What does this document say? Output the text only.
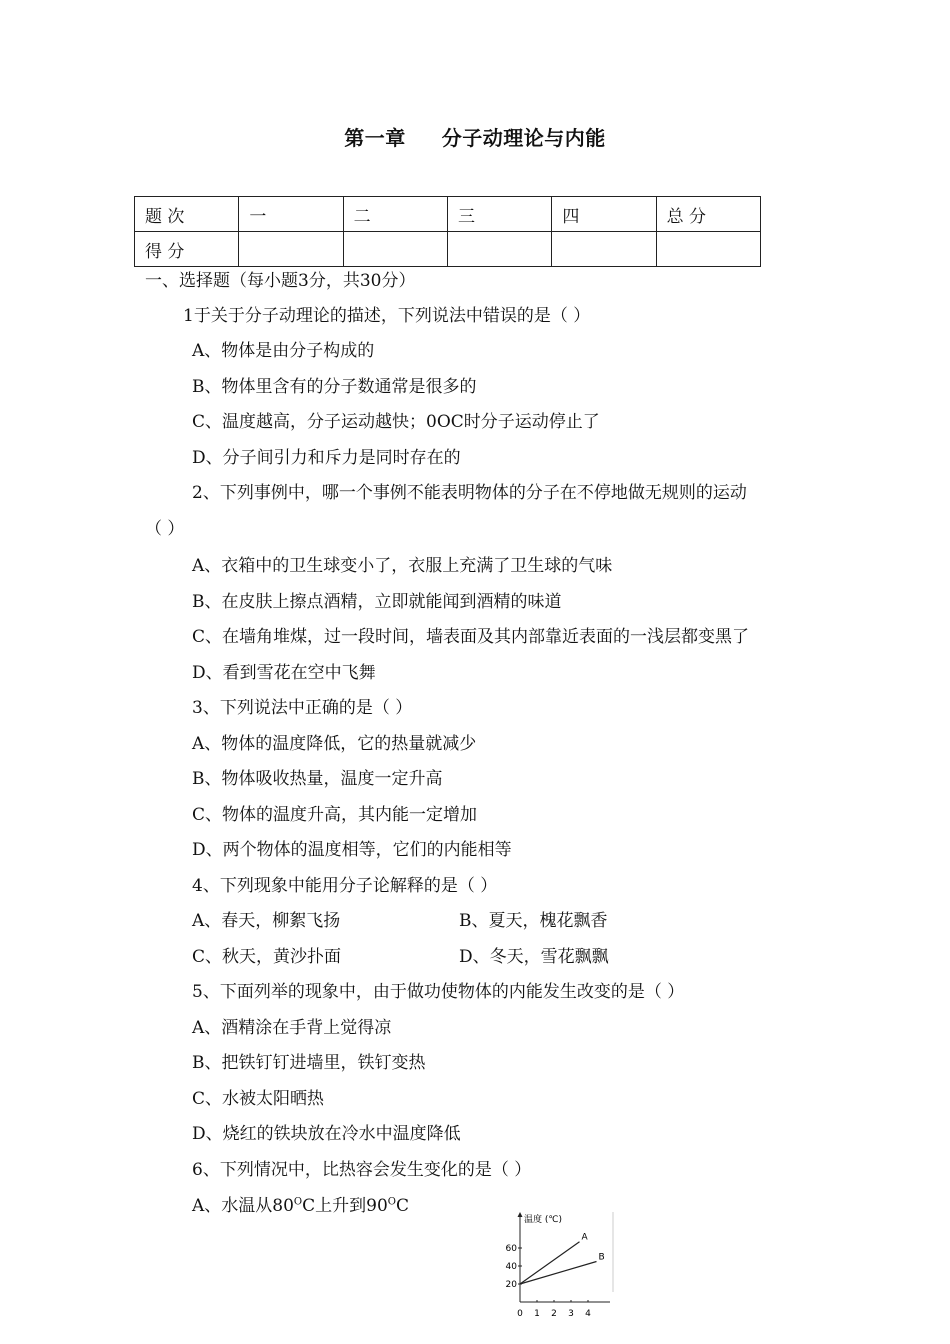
第一章 分子动理论与内能
题 次	一	二	三	四	总 分
得 分					
一、选择题（每小题3分，共30分）
1于关于分子动理论的描述，下列说法中错误的是（ ）
A、物体是由分子构成的
B、物体里含有的分子数通常是很多的
C、温度越高，分子运动越快；0OC时分子运动停止了
D、分子间引力和斥力是同时存在的
2、下列事例中，哪一个事例不能表明物体的分子在不停地做无规则的运动
（ ）
A、衣箱中的卫生球变小了，衣服上充满了卫生球的气味
B、在皮肤上擦点酒精，立即就能闻到酒精的味道
C、在墙角堆煤，过一段时间，墙表面及其内部靠近表面的一浅层都变黑了
D、看到雪花在空中飞舞
3、下列说法中正确的是（ ）
A、物体的温度降低，它的热量就减少
B、物体吸收热量，温度一定升高
C、物体的温度升高，其内能一定增加
D、两个物体的温度相等，它们的内能相等
4、下列现象中能用分子论解释的是（ ）
A、春天，柳絮飞扬	B、夏天，槐花飘香
C、秋天，黄沙扑面	D、冬天，雪花飘飘
5、下面列举的现象中，由于做功使物体的内能发生改变的是（ ）
A、酒精涂在手背上觉得凉
B、把铁钉钉进墙里，铁钉变热
C、水被太阳晒热
D、烧红的铁块放在冷水中温度降低
6、下列情况中，比热容会发生变化的是（ ）
A、水温从$80^OC$上升到$90^OC$
温度 (℃)
60
40
20
0 1 2 3 4
A
B
